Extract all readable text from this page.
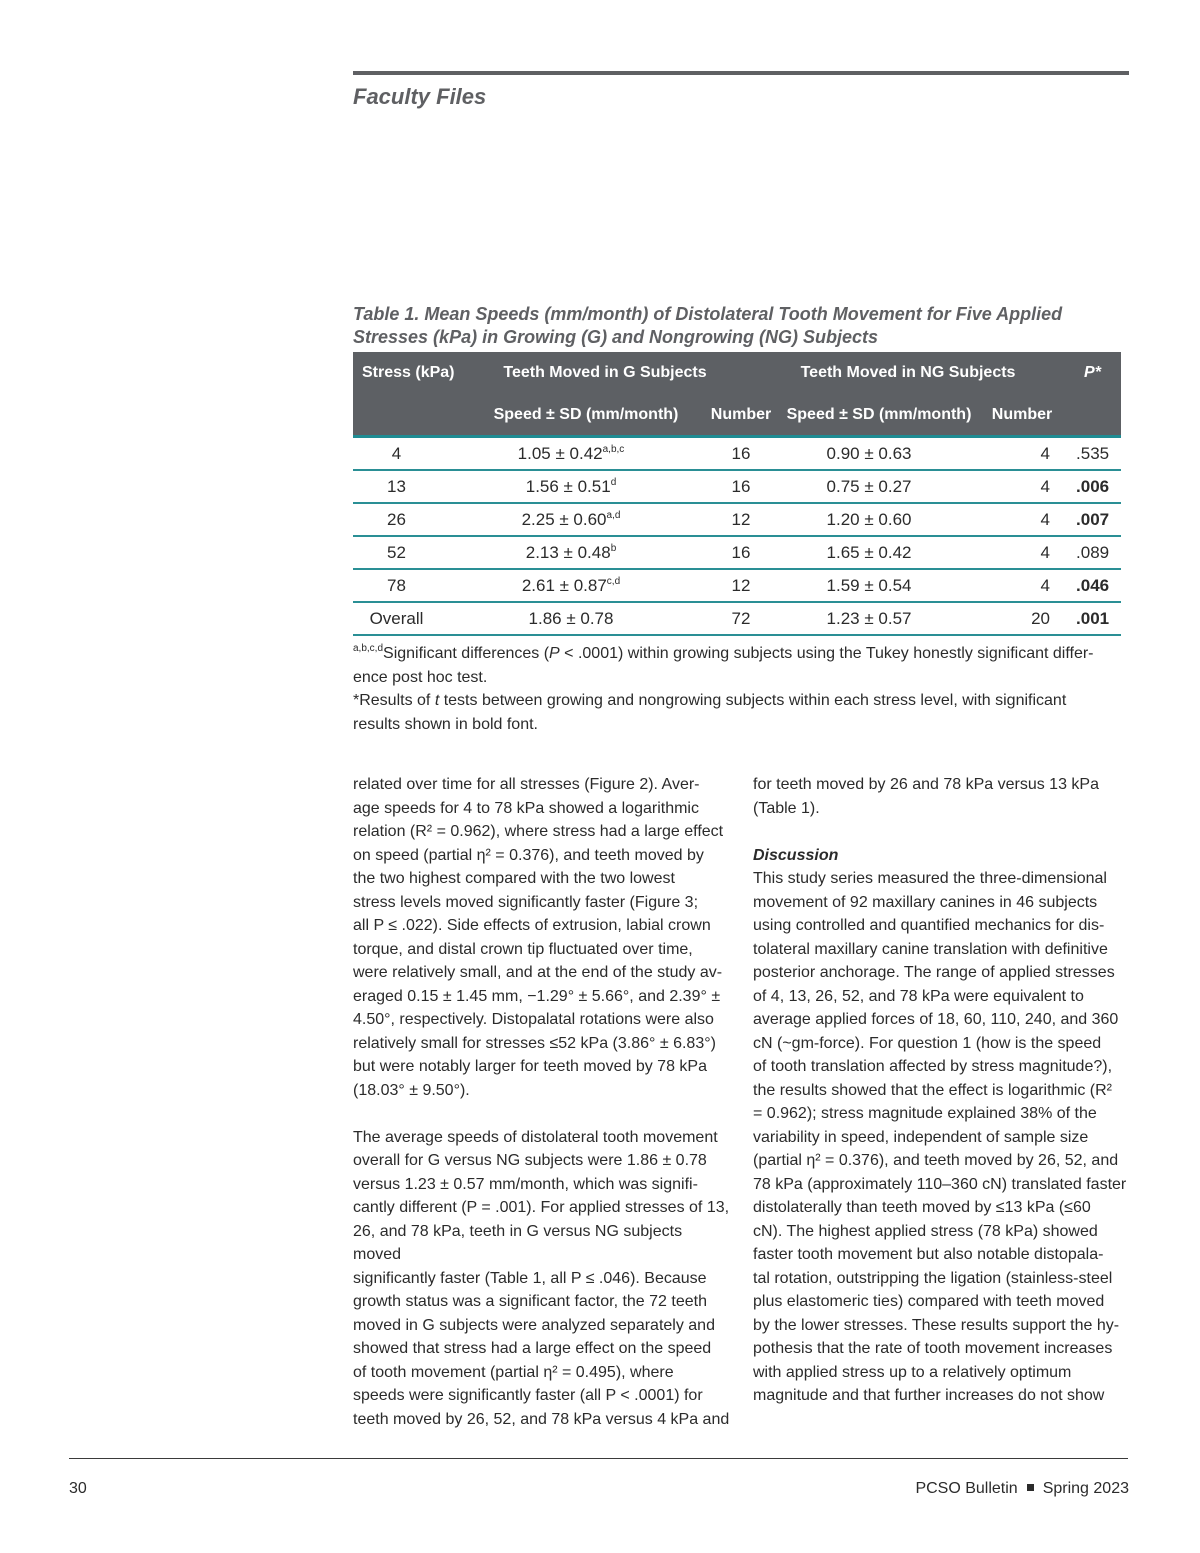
Faculty Files
Table 1. Mean Speeds (mm/month) of Distolateral Tooth Movement for Five Applied Stresses (kPa) in Growing (G) and Nongrowing (NG) Subjects
Stress (kPa)	Teeth Moved in G Subjects		Teeth Moved in NG Subjects		P*
	Speed ± SD (mm/month)	Number	Speed ± SD (mm/month)	Number	
4	$1.05 \pm 0.42^{a,b,c}$	16	0.90 ± 0.63	4	.535
13	1.56 ± 0.51$^d$	16	0.75 ± 0.27	4	.006
26	$2.25 \pm 0.60^{a,d}$	12	1.20 ± 0.60	4	.007
52	2.13 ± 0.48$^b$	16	1.65 ± 0.42	4	.089
78	$2.61 \pm 0.87^{c,d}$	12	1.59 ± 0.54	4	.046
Overall	1.86 ± 0.78	72	1.23 ± 0.57	20	.001

$^{a,b,c,d}$Significant differences (P < .0001) within growing subjects using the Tukey honestly significant differ-
ence post hoc test.

*Results of t tests between growing and nongrowing subjects within each stress level, with significant
results shown in bold font.

related over time for all stresses (Figure 2). Aver-

age speeds for 4 to 78 kPa showed a logarithmic

relation (R² = 0.962), where stress had a large effect

on speed (partial η² = 0.376), and teeth moved by

the two highest compared with the two lowest

stress levels moved significantly faster (Figure 3;

all P ≤ .022). Side effects of extrusion, labial crown

torque, and distal crown tip fluctuated over time,

were relatively small, and at the end of the study av-

eraged 0.15 ± 1.45 mm, −1.29° ± 5.66°, and 2.39° ±

4.50°, respectively. Distopalatal rotations were also

relatively small for stresses ≤52 kPa (3.86° ± 6.83°)

but were notably larger for teeth moved by 78 kPa

(18.03° ± 9.50°).

The average speeds of distolateral tooth movement

overall for G versus NG subjects were 1.86 ± 0.78

versus 1.23 ± 0.57 mm/month, which was signifi-

cantly different (P = .001). For applied stresses of 13,

26, and 78 kPa, teeth in G versus NG subjects moved

significantly faster (Table 1, all P ≤ .046). Because

growth status was a significant factor, the 72 teeth

moved in G subjects were analyzed separately and

showed that stress had a large effect on the speed

of tooth movement (partial η² = 0.495), where

speeds were significantly faster (all P < .0001) for

teeth moved by 26, 52, and 78 kPa versus 4 kPa and

for teeth moved by 26 and 78 kPa versus 13 kPa

(Table 1).

Discussion

This study series measured the three-dimensional

movement of 92 maxillary canines in 46 subjects

using controlled and quantified mechanics for dis-

tolateral maxillary canine translation with definitive

posterior anchorage. The range of applied stresses

of 4, 13, 26, 52, and 78 kPa were equivalent to

average applied forces of 18, 60, 110, 240, and 360

cN (~gm-force). For question 1 (how is the speed

of tooth translation affected by stress magnitude?),

the results showed that the effect is logarithmic (R²

= 0.962); stress magnitude explained 38% of the

variability in speed, independent of sample size

(partial η² = 0.376), and teeth moved by 26, 52, and

78 kPa (approximately 110–360 cN) translated faster

distolaterally than teeth moved by ≤13 kPa (≤60

cN). The highest applied stress (78 kPa) showed

faster tooth movement but also notable distopala-

tal rotation, outstripping the ligation (stainless-steel

plus elastomeric ties) compared with teeth moved

by the lower stresses. These results support the hy-

pothesis that the rate of tooth movement increases

with applied stress up to a relatively optimum

magnitude and that further increases do not show

30	PCSO Bulletin Spring 2023
